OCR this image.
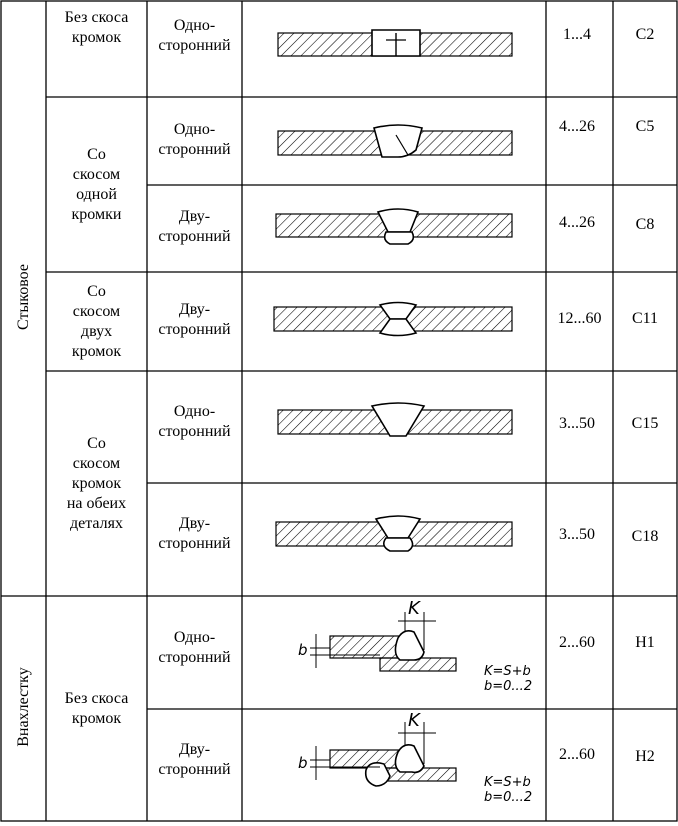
Стыковое
Внахлестку
Без скоса
кромок
Со
скосом
одной
кромки
Со
скосом
двух
кромок
Со
скосом
кромок
на обеих
деталях
Без скоса
кромок
Одно-
сторонний
Одно-
сторонний
Дву-
сторонний
Дву-
сторонний
Одно-
сторонний
Дву-
сторонний
Одно-
сторонний
Дву-
сторонний
1...4
4...26
4...26
12...60
3...50
3...50
2...60
2...60
С2
С5
С8
С11
С15
С18
Н1
Н2
K
b
K=S+b
b=0...2
K
b
K=S+b
b=0...2
